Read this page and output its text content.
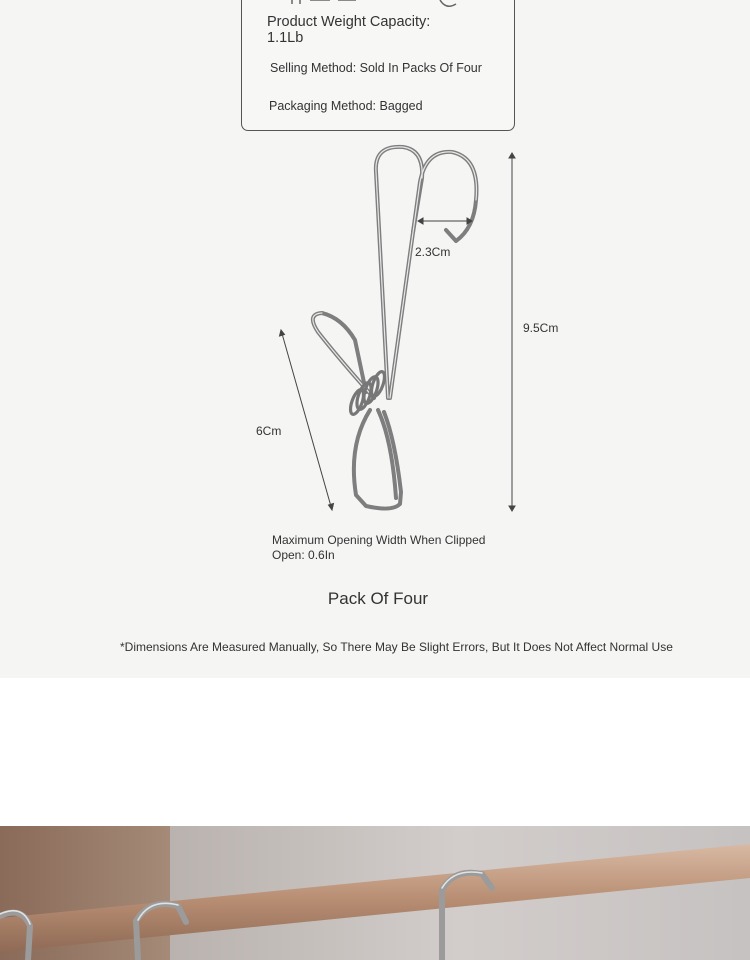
Product Weight Capacity: 1.1Lb
Selling Method: Sold In Packs Of Four
Packaging Method: Bagged
2.3Cm
9.5Cm
6Cm
Maximum Opening Width When Clipped Open: 0.6In
Pack Of Four
*Dimensions Are Measured Manually, So There May Be Slight Errors, But It Does Not Affect Normal Use
